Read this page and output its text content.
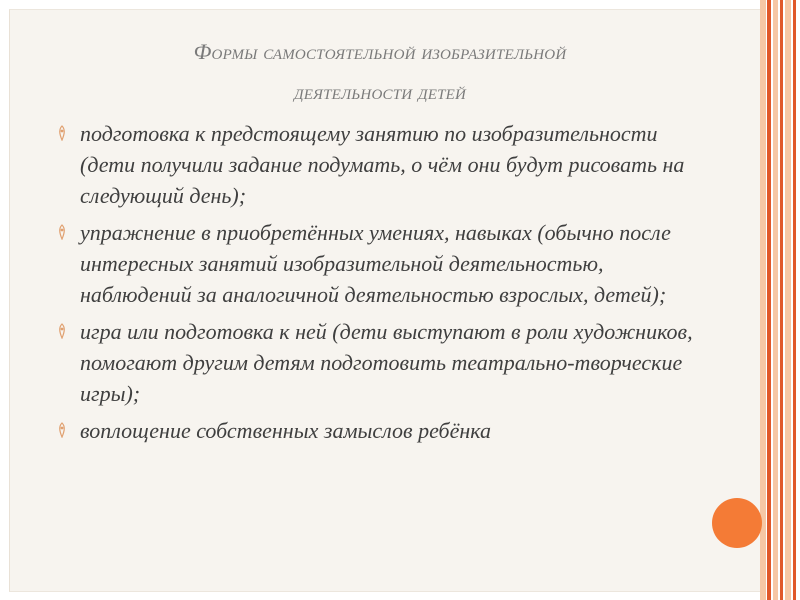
Формы самостоятельной изобразительной
деятельности детей
подготовка к предстоящему занятию по изобразительности (дети получили задание подумать, о чём они будут рисовать на следующий день);
упражнение в приобретённых умениях, навыках (обычно после интересных занятий изобразительной деятельностью, наблюдений за аналогичной деятельностью взрослых, детей);
игра или подготовка к ней (дети выступают в роли художников, помогают другим детям подготовить театрально-творческие игры);
воплощение собственных замыслов ребёнка
